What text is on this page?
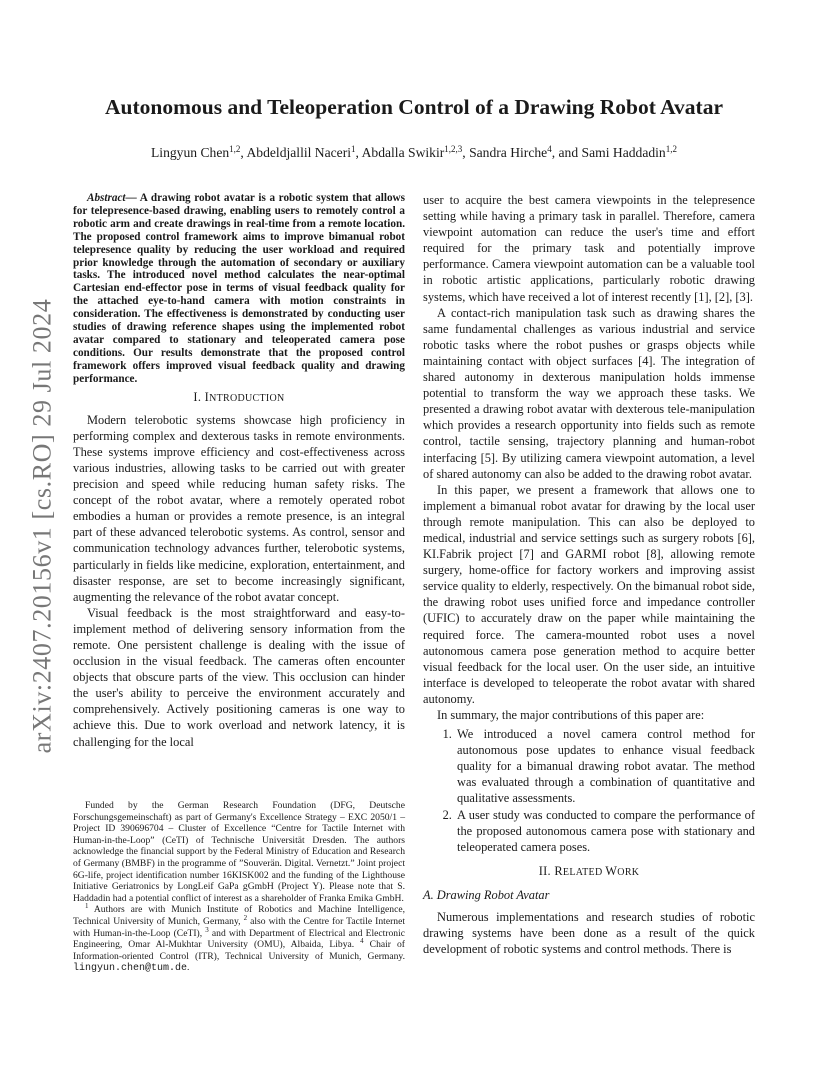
arXiv:2407.20156v1 [cs.RO] 29 Jul 2024
Autonomous and Teleoperation Control of a Drawing Robot Avatar
Lingyun Chen$^{1,2}$, Abdeldjallil Naceri$^1$, Abdalla Swikir$^{1,2,3}$, Sandra Hirche$^4$, and Sami Haddadin$^{1,2}$

Abstract— A drawing robot avatar is a robotic system that allows for telepresence-based drawing, enabling users to remotely control a robotic arm and create drawings in real-time from a remote location. The proposed control framework aims to improve bimanual robot telepresence quality by reducing the user workload and required prior knowledge through the automation of secondary or auxiliary tasks. The introduced novel method calculates the near-optimal Cartesian end-effector pose in terms of visual feedback quality for the attached eye-to-hand camera with motion constraints in consideration. The effectiveness is demonstrated by conducting user studies of drawing reference shapes using the implemented robot avatar compared to stationary and teleoperated camera pose conditions. Our results demonstrate that the proposed control framework offers improved visual feedback quality and drawing performance.

I. INTRODUCTION

Modern telerobotic systems showcase high proficiency in performing complex and dexterous tasks in remote environments. These systems improve efficiency and cost-effectiveness across various industries, allowing tasks to be carried out with greater precision and speed while reducing human safety risks. The concept of the robot avatar, where a remotely operated robot embodies a human or provides a remote presence, is an integral part of these advanced telerobotic systems. As control, sensor and communication technology advances further, telerobotic systems, particularly in fields like medicine, exploration, entertainment, and disaster response, are set to become increasingly significant, augmenting the relevance of the robot avatar concept.

Visual feedback is the most straightforward and easy-to-implement method of delivering sensory information from the remote. One persistent challenge is dealing with the issue of occlusion in the visual feedback. The cameras often encounter objects that obscure parts of the view. This occlusion can hinder the user's ability to perceive the environment accurately and comprehensively. Actively positioning cameras is one way to achieve this. Due to work overload and network latency, it is challenging for the local

Funded by the German Research Foundation (DFG, Deutsche Forschungsgemeinschaft) as part of Germany's Excellence Strategy – EXC 2050/1 – Project ID 390696704 – Cluster of Excellence “Centre for Tactile Internet with Human-in-the-Loop” (CeTI) of Technische Universität Dresden. The authors acknowledge the financial support by the Federal Ministry of Education and Research of Germany (BMBF) in the programme of ”Souverän. Digital. Vernetzt.” Joint project 6G-life, project identification number 16KISK002 and the funding of the Lighthouse Initiative Geriatronics by LongLeif GaPa gGmbH (Project Y). Please note that S. Haddadin had a potential conflict of interest as a shareholder of Franka Emika GmbH.

$^1$ Authors are with Munich Institute of Robotics and Machine Intelligence, Technical University of Munich, Germany, $^2$ also with the Centre for Tactile Internet with Human-in-the-Loop (CeTI), $^3$ and with Department of Electrical and Electronic Engineering, Omar Al-Mukhtar University (OMU), Albaida, Libya. $^4$ Chair of Information-oriented Control (ITR), Technical University of Munich, Germany. lingyun.chen@tum.de.

user to acquire the best camera viewpoints in the telepresence setting while having a primary task in parallel. Therefore, camera viewpoint automation can reduce the user's time and effort required for the primary task and potentially improve performance. Camera viewpoint automation can be a valuable tool in robotic artistic applications, particularly robotic drawing systems, which have received a lot of interest recently [1], [2], [3].

A contact-rich manipulation task such as drawing shares the same fundamental challenges as various industrial and service robotic tasks where the robot pushes or grasps objects while maintaining contact with object surfaces [4]. The integration of shared autonomy in dexterous manipulation holds immense potential to transform the way we approach these tasks. We presented a drawing robot avatar with dexterous tele-manipulation which provides a research opportunity into fields such as remote control, tactile sensing, trajectory planning and human-robot interfacing [5]. By utilizing camera viewpoint automation, a level of shared autonomy can also be added to the drawing robot avatar.

In this paper, we present a framework that allows one to implement a bimanual robot avatar for drawing by the local user through remote manipulation. This can also be deployed to medical, industrial and service settings such as surgery robots [6], KI.Fabrik project [7] and GARMI robot [8], allowing remote surgery, home-office for factory workers and improving assist service quality to elderly, respectively. On the bimanual robot side, the drawing robot uses unified force and impedance controller (UFIC) to accurately draw on the paper while maintaining the required force. The camera-mounted robot uses a novel autonomous camera pose generation method to acquire better visual feedback for the local user. On the user side, an intuitive interface is developed to teleoperate the robot avatar with shared autonomy.

In summary, the major contributions of this paper are:

1. We introduced a novel camera control method for autonomous pose updates to enhance visual feedback quality for a bimanual drawing robot avatar. The method was evaluated through a combination of quantitative and qualitative assessments.
2. A user study was conducted to compare the performance of the proposed autonomous camera pose with stationary and teleoperated camera poses.
II. RELATED WORK
A. Drawing Robot Avatar

Numerous implementations and research studies of robotic drawing systems have been done as a result of the quick development of robotic systems and control methods. There is
